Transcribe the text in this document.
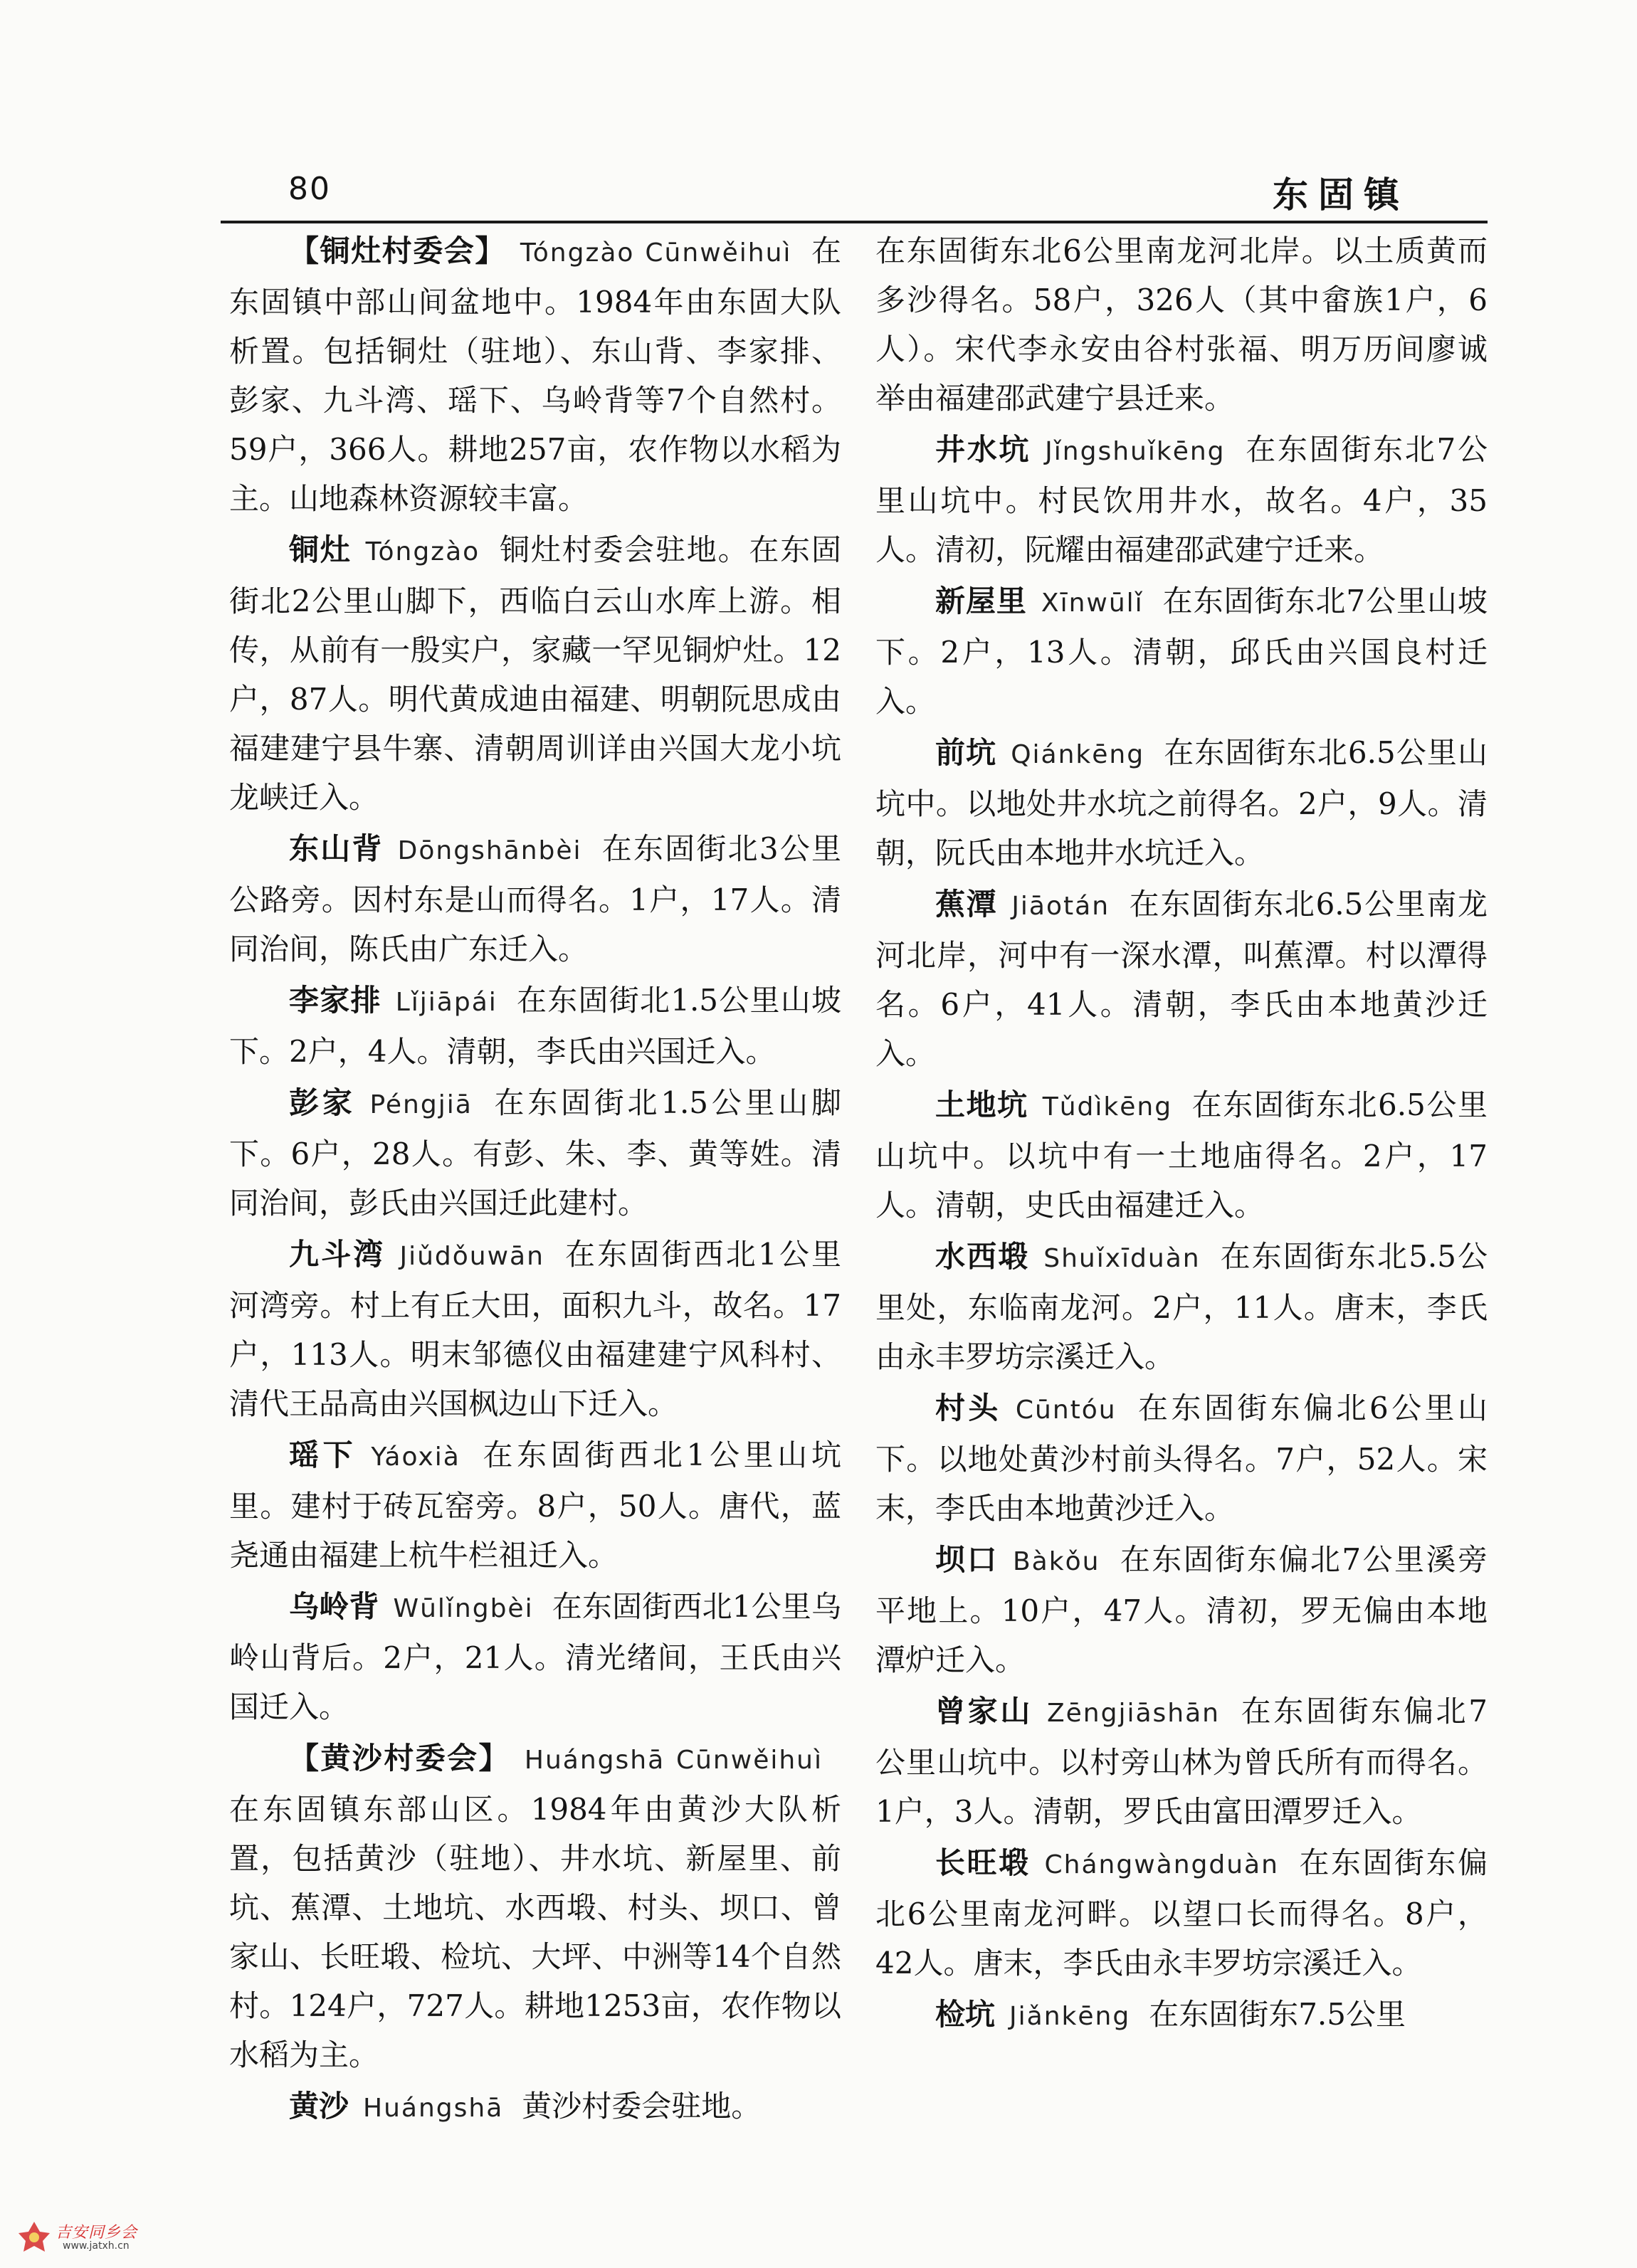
80	东固镇

【铜灶村委会】 Tóngzào Cūnwěihuì 在东固镇中部山间盆地中。1984年由东固大队析置。包括铜灶（驻地）、东山背、李家排、彭家、九斗湾、瑶下、乌岭背等7个自然村。59户，366人。耕地257亩，农作物以水稻为主。山地森林资源较丰富。

铜灶 Tóngzào 铜灶村委会驻地。在东固街北2公里山脚下，西临白云山水库上游。相传，从前有一殷实户，家藏一罕见铜炉灶。12户，87人。明代黄成迪由福建、明朝阮思成由福建建宁县牛寨、清朝周训详由兴国大龙小坑龙峡迁入。

东山背 Dōngshānbèi 在东固街北3公里公路旁。因村东是山而得名。1户，17人。清同治间，陈氏由广东迁入。

李家排 Lǐjiāpái 在东固街北1.5公里山坡下。2户，4人。清朝，李氏由兴国迁入。

彭家 Péngjiā 在东固街北1.5公里山脚下。6户，28人。有彭、朱、李、黄等姓。清同治间，彭氏由兴国迁此建村。

九斗湾 Jiǔdǒuwān 在东固街西北1公里河湾旁。村上有丘大田，面积九斗，故名。17户，113人。明末邹德仪由福建建宁风科村、清代王品高由兴国枫边山下迁入。

瑶下 Yáoxià 在东固街西北1公里山坑里。建村于砖瓦窑旁。8户，50人。唐代，蓝尧通由福建上杭牛栏祖迁入。

乌岭背 Wūlǐngbèi 在东固街西北1公里乌岭山背后。2户，21人。清光绪间，王氏由兴国迁入。

【黄沙村委会】 Huángshā Cūnwěihuì在东固镇东部山区。1984年由黄沙大队析置，包括黄沙（驻地）、井水坑、新屋里、前坑、蕉潭、土地坑、水西塅、村头、坝口、曾家山、长旺塅、检坑、大坪、中洲等14个自然村。124户，727人。耕地1253亩，农作物以水稻为主。

黄沙 Huángshā 黄沙村委会驻地。

在东固街东北6公里南龙河北岸。以土质黄而多沙得名。58户，326人（其中畲族1户，6人）。宋代李永安由谷村张福、明万历间廖诚举由福建邵武建宁县迁来。

井水坑 Jǐngshuǐkēng 在东固街东北7公里山坑中。村民饮用井水，故名。4户，35人。清初，阮耀由福建邵武建宁迁来。

新屋里 Xīnwūlǐ 在东固街东北7公里山坡下。2户，13人。清朝，邱氏由兴国良村迁入。

前坑 Qiánkēng 在东固街东北6.5公里山坑中。以地处井水坑之前得名。2户，9人。清朝，阮氏由本地井水坑迁入。

蕉潭 Jiāotán 在东固街东北6.5公里南龙河北岸，河中有一深水潭，叫蕉潭。村以潭得名。6户，41人。清朝，李氏由本地黄沙迁入。

土地坑 Tǔdìkēng 在东固街东北6.5公里山坑中。以坑中有一土地庙得名。2户，17人。清朝，史氏由福建迁入。

水西塅 Shuǐxīduàn 在东固街东北5.5公里处，东临南龙河。2户，11人。唐末，李氏由永丰罗坊宗溪迁入。

村头 Cūntóu 在东固街东偏北6公里山下。以地处黄沙村前头得名。7户，52人。宋末，李氏由本地黄沙迁入。

坝口 Bàkǒu 在东固街东偏北7公里溪旁平地上。10户，47人。清初，罗无偏由本地潭炉迁入。

曾家山 Zēngjiāshān 在东固街东偏北7公里山坑中。以村旁山林为曾氏所有而得名。1户，3人。清朝，罗氏由富田潭罗迁入。

长旺塅 Chángwàngduàn 在东固街东偏北6公里南龙河畔。以望口长而得名。8户，42人。唐末，李氏由永丰罗坊宗溪迁入。

检坑 Jiǎnkēng 在东固街东7.5公里

吉安同乡会
www.jatxh.cn
